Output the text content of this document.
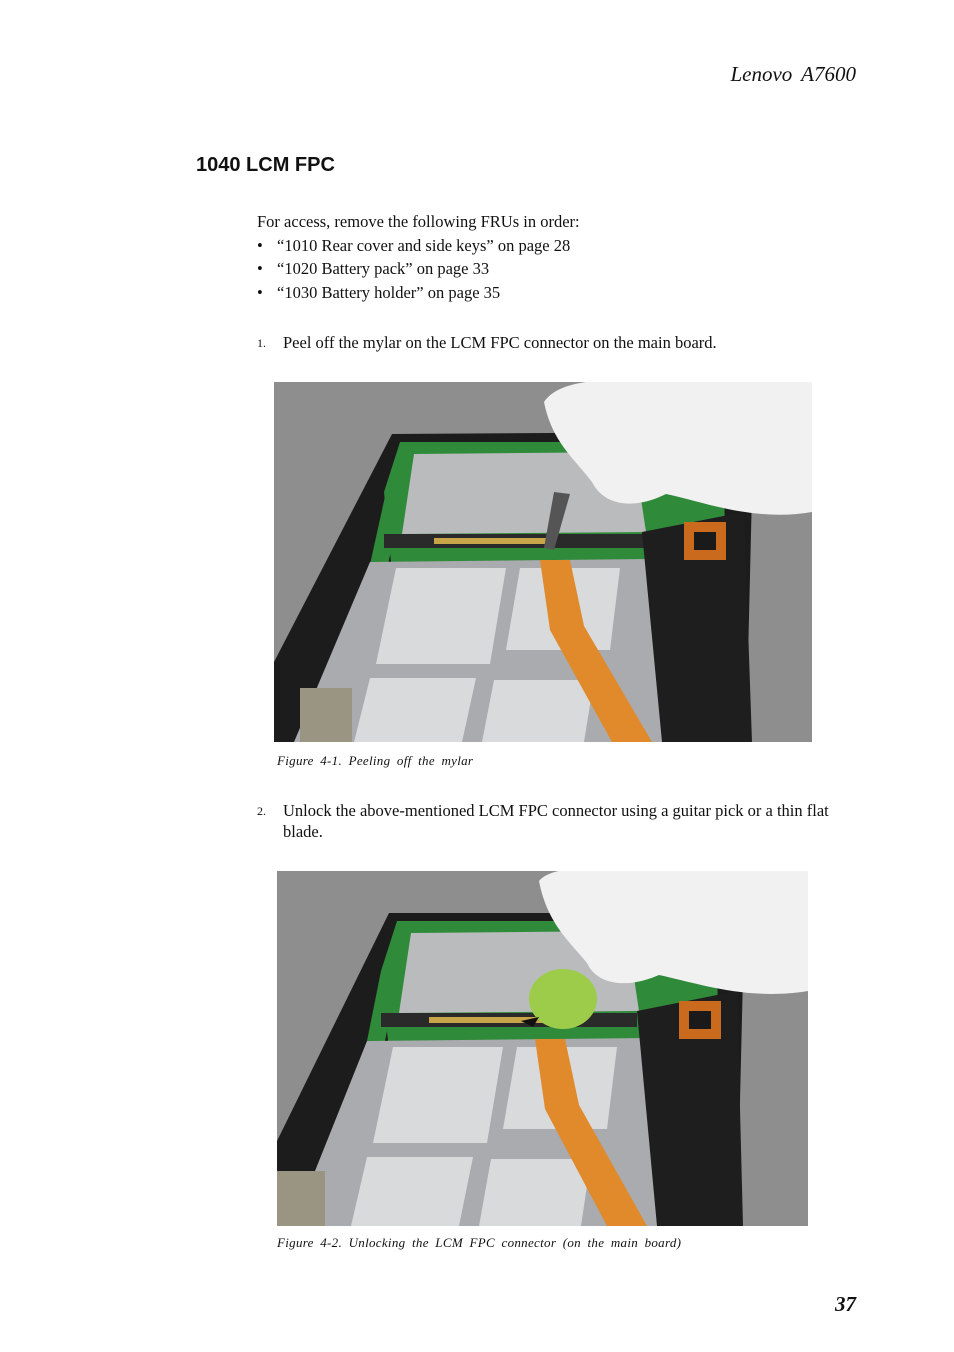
Lenovo A7600
1040 LCM FPC
For access, remove the following FRUs in order:
• “1010 Rear cover and side keys” on page 28
• “1020 Battery pack” on page 33
• “1030 Battery holder” on page 35
1. Peel off the mylar on the LCM FPC connector on the main board.
Figure 4-1. Peeling off the mylar
2. Unlock the above-mentioned LCM FPC connector using a guitar pick or a thin flat blade.
Figure 4-2. Unlocking the LCM FPC connector (on the main board)
37
